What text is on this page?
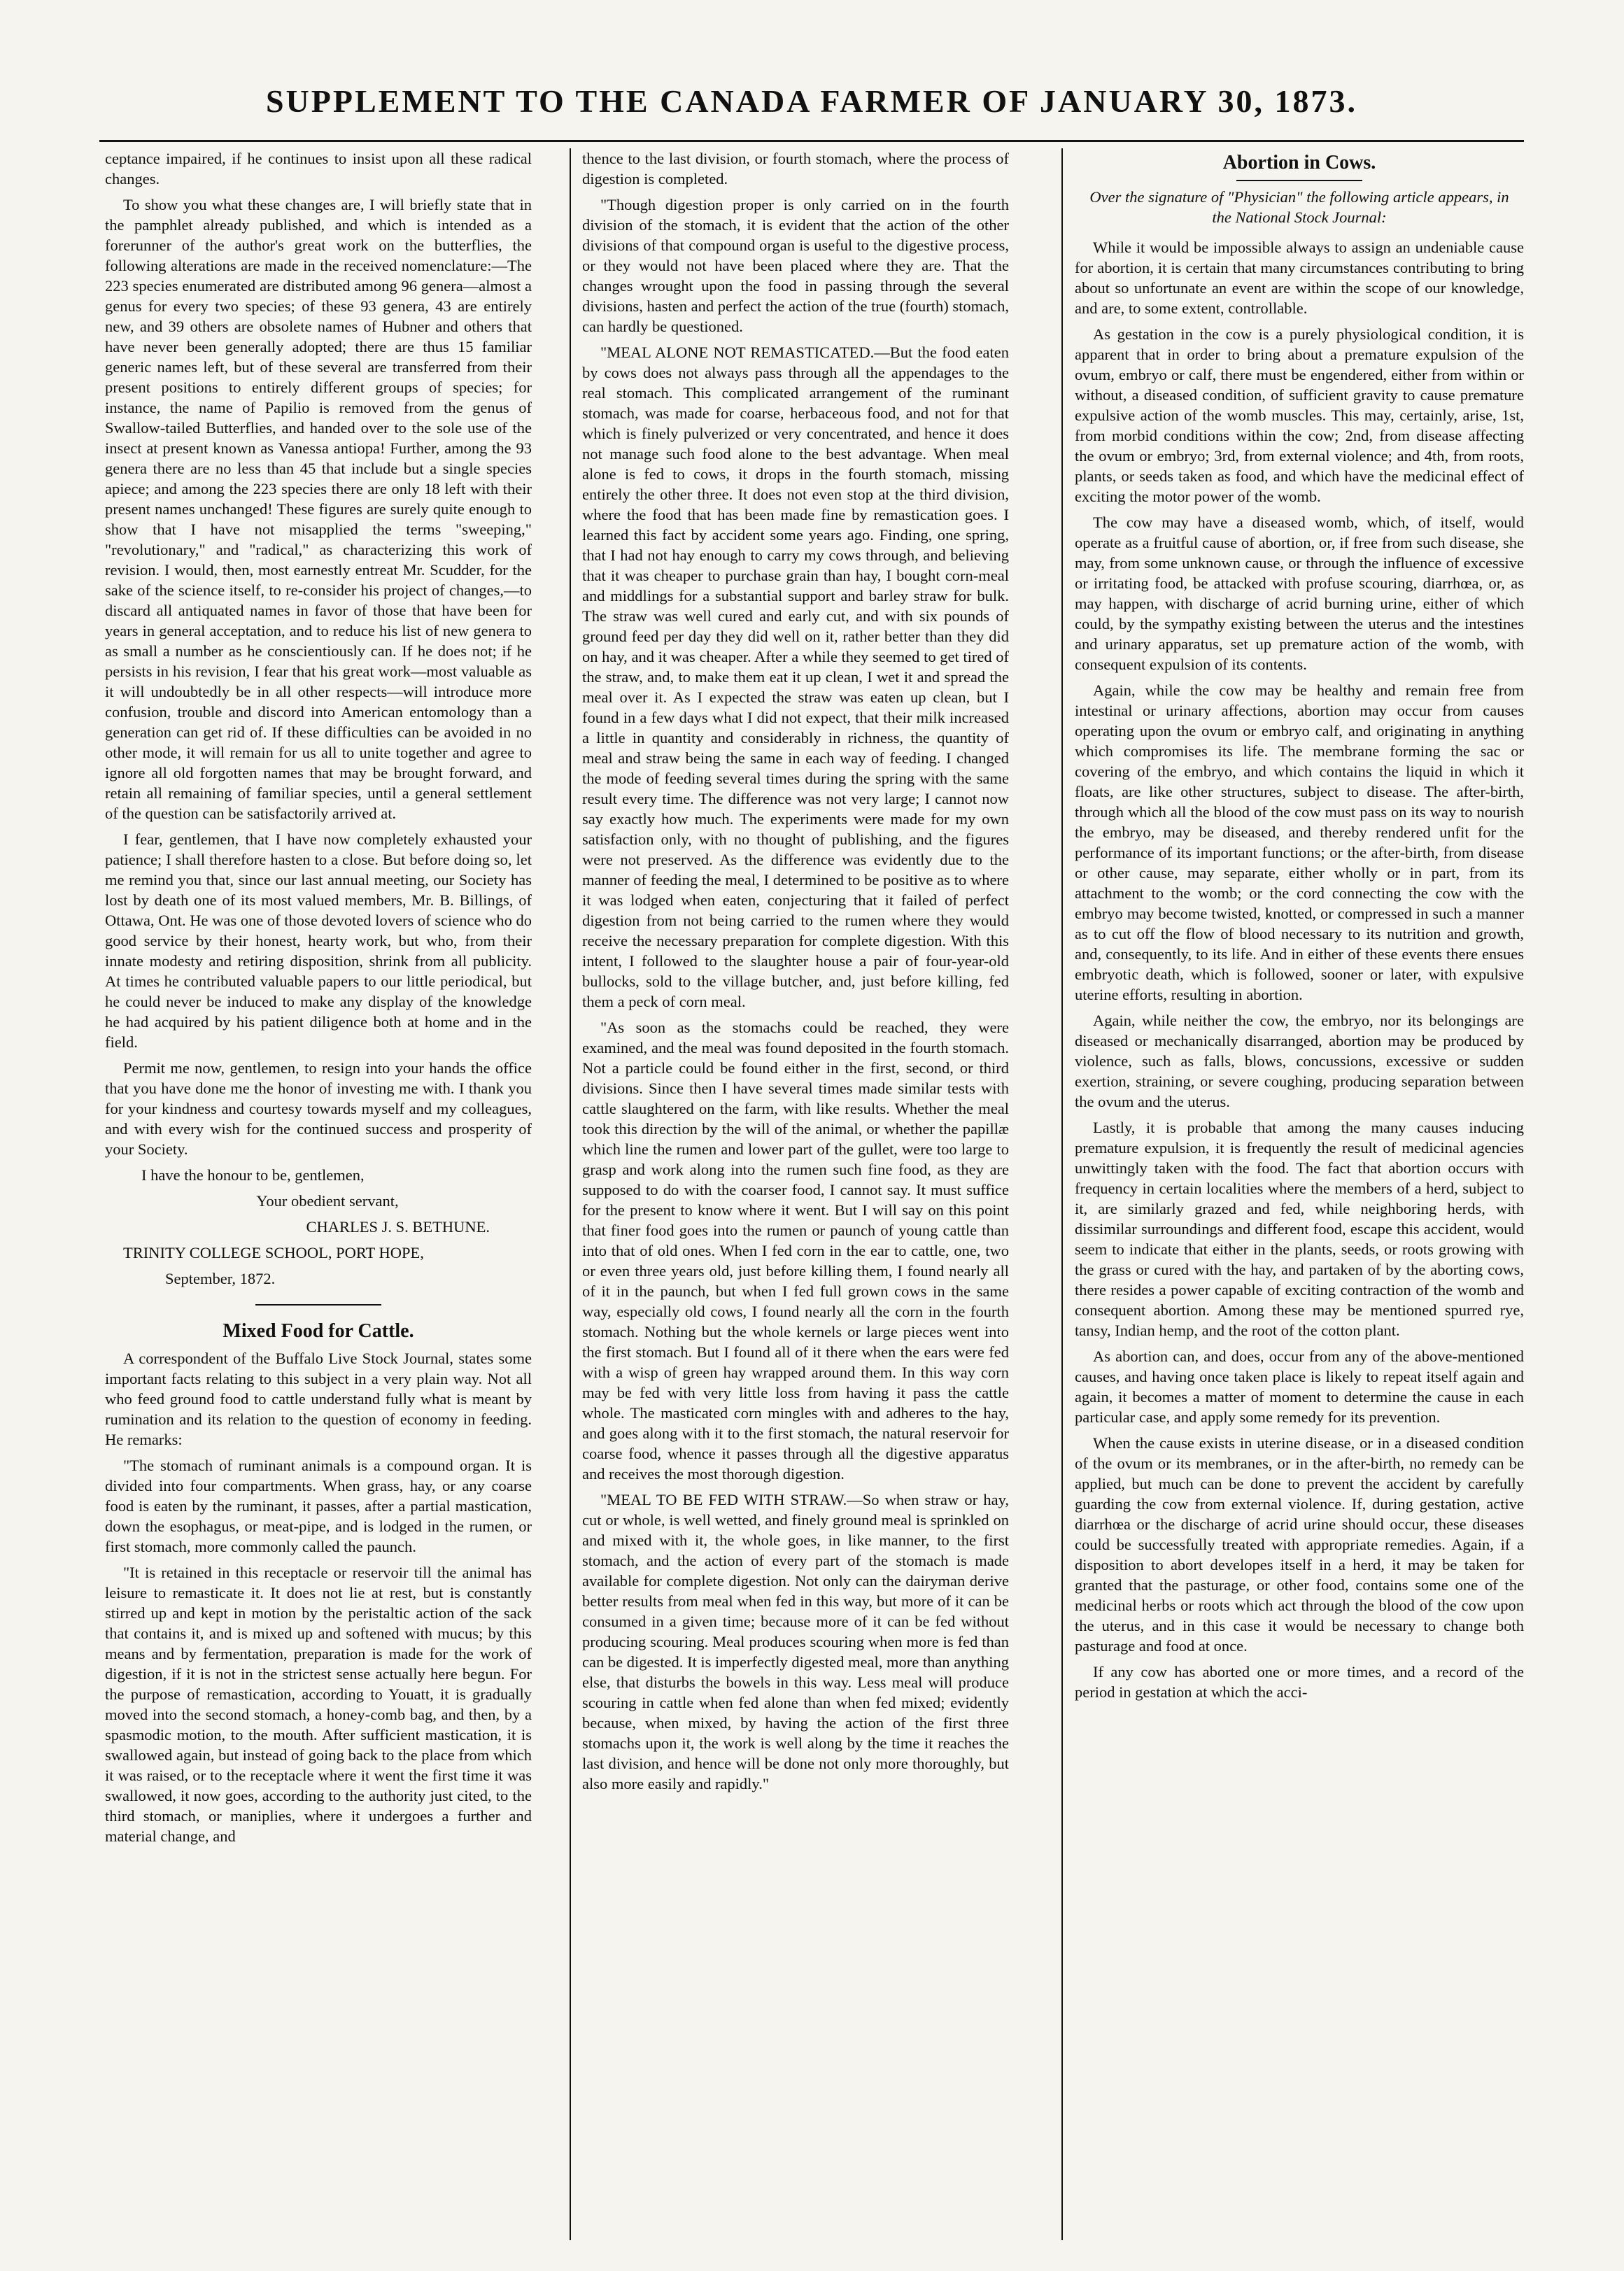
SUPPLEMENT TO THE CANADA FARMER OF JANUARY 30, 1873.

ceptance impaired, if he continues to insist upon all these radical changes.

To show you what these changes are, I will briefly state that in the pamphlet already published, and which is intended as a forerunner of the author's great work on the butterflies, the following alterations are made in the received nomenclature:—The 223 species enumerated are distributed among 96 genera—almost a genus for every two species; of these 93 genera, 43 are entirely new, and 39 others are obsolete names of Hubner and others that have never been generally adopted; there are thus 15 familiar generic names left, but of these several are transferred from their present positions to entirely different groups of species; for instance, the name of Papilio is removed from the genus of Swallow-tailed Butterflies, and handed over to the sole use of the insect at present known as Vanessa antiopa! Further, among the 93 genera there are no less than 45 that include but a single species apiece; and among the 223 species there are only 18 left with their present names unchanged! These figures are surely quite enough to show that I have not misapplied the terms "sweeping," "revolutionary," and "radical," as characterizing this work of revision. I would, then, most earnestly entreat Mr. Scudder, for the sake of the science itself, to re-consider his project of changes,—to discard all antiquated names in favor of those that have been for years in general acceptation, and to reduce his list of new genera to as small a number as he conscientiously can. If he does not; if he persists in his revision, I fear that his great work—most valuable as it will undoubtedly be in all other respects—will introduce more confusion, trouble and discord into American entomology than a generation can get rid of. If these difficulties can be avoided in no other mode, it will remain for us all to unite together and agree to ignore all old forgotten names that may be brought forward, and retain all remaining of familiar species, until a general settlement of the question can be satisfactorily arrived at.

I fear, gentlemen, that I have now completely exhausted your patience; I shall therefore hasten to a close. But before doing so, let me remind you that, since our last annual meeting, our Society has lost by death one of its most valued members, Mr. B. Billings, of Ottawa, Ont. He was one of those devoted lovers of science who do good service by their honest, hearty work, but who, from their innate modesty and retiring disposition, shrink from all publicity. At times he contributed valuable papers to our little periodical, but he could never be induced to make any display of the knowledge he had acquired by his patient diligence both at home and in the field.

Permit me now, gentlemen, to resign into your hands the office that you have done me the honor of investing me with. I thank you for your kindness and courtesy towards myself and my colleagues, and with every wish for the continued success and prosperity of your Society.

I have the honour to be, gentlemen,

Your obedient servant,

CHARLES J. S. BETHUNE.

TRINITY COLLEGE SCHOOL, PORT HOPE,

September, 1872.

Mixed Food for Cattle.

A correspondent of the Buffalo Live Stock Journal, states some important facts relating to this subject in a very plain way. Not all who feed ground food to cattle understand fully what is meant by rumination and its relation to the question of economy in feeding. He remarks:

"The stomach of ruminant animals is a compound organ. It is divided into four compartments. When grass, hay, or any coarse food is eaten by the ruminant, it passes, after a partial mastication, down the esophagus, or meat-pipe, and is lodged in the rumen, or first stomach, more commonly called the paunch.

"It is retained in this receptacle or reservoir till the animal has leisure to remasticate it. It does not lie at rest, but is constantly stirred up and kept in motion by the peristaltic action of the sack that contains it, and is mixed up and softened with mucus; by this means and by fermentation, preparation is made for the work of digestion, if it is not in the strictest sense actually here begun. For the purpose of remastication, according to Youatt, it is gradually moved into the second stomach, a honey-comb bag, and then, by a spasmodic motion, to the mouth. After sufficient mastication, it is swallowed again, but instead of going back to the place from which it was raised, or to the receptacle where it went the first time it was swallowed, it now goes, according to the authority just cited, to the third stomach, or maniplies, where it undergoes a further and material change, and

thence to the last division, or fourth stomach, where the process of digestion is completed.

"Though digestion proper is only carried on in the fourth division of the stomach, it is evident that the action of the other divisions of that compound organ is useful to the digestive process, or they would not have been placed where they are. That the changes wrought upon the food in passing through the several divisions, hasten and perfect the action of the true (fourth) stomach, can hardly be questioned.

"MEAL ALONE NOT REMASTICATED.—But the food eaten by cows does not always pass through all the appendages to the real stomach. This complicated arrangement of the ruminant stomach, was made for coarse, herbaceous food, and not for that which is finely pulverized or very concentrated, and hence it does not manage such food alone to the best advantage. When meal alone is fed to cows, it drops in the fourth stomach, missing entirely the other three. It does not even stop at the third division, where the food that has been made fine by remastication goes. I learned this fact by accident some years ago. Finding, one spring, that I had not hay enough to carry my cows through, and believing that it was cheaper to purchase grain than hay, I bought corn-meal and middlings for a substantial support and barley straw for bulk. The straw was well cured and early cut, and with six pounds of ground feed per day they did well on it, rather better than they did on hay, and it was cheaper. After a while they seemed to get tired of the straw, and, to make them eat it up clean, I wet it and spread the meal over it. As I expected the straw was eaten up clean, but I found in a few days what I did not expect, that their milk increased a little in quantity and considerably in richness, the quantity of meal and straw being the same in each way of feeding. I changed the mode of feeding several times during the spring with the same result every time. The difference was not very large; I cannot now say exactly how much. The experiments were made for my own satisfaction only, with no thought of publishing, and the figures were not preserved. As the difference was evidently due to the manner of feeding the meal, I determined to be positive as to where it was lodged when eaten, conjecturing that it failed of perfect digestion from not being carried to the rumen where they would receive the necessary preparation for complete digestion. With this intent, I followed to the slaughter house a pair of four-year-old bullocks, sold to the village butcher, and, just before killing, fed them a peck of corn meal.

"As soon as the stomachs could be reached, they were examined, and the meal was found deposited in the fourth stomach. Not a particle could be found either in the first, second, or third divisions. Since then I have several times made similar tests with cattle slaughtered on the farm, with like results. Whether the meal took this direction by the will of the animal, or whether the papillæ which line the rumen and lower part of the gullet, were too large to grasp and work along into the rumen such fine food, as they are supposed to do with the coarser food, I cannot say. It must suffice for the present to know where it went. But I will say on this point that finer food goes into the rumen or paunch of young cattle than into that of old ones. When I fed corn in the ear to cattle, one, two or even three years old, just before killing them, I found nearly all of it in the paunch, but when I fed full grown cows in the same way, especially old cows, I found nearly all the corn in the fourth stomach. Nothing but the whole kernels or large pieces went into the first stomach. But I found all of it there when the ears were fed with a wisp of green hay wrapped around them. In this way corn may be fed with very little loss from having it pass the cattle whole. The masticated corn mingles with and adheres to the hay, and goes along with it to the first stomach, the natural reservoir for coarse food, whence it passes through all the digestive apparatus and receives the most thorough digestion.

"MEAL TO BE FED WITH STRAW.—So when straw or hay, cut or whole, is well wetted, and finely ground meal is sprinkled on and mixed with it, the whole goes, in like manner, to the first stomach, and the action of every part of the stomach is made available for complete digestion. Not only can the dairyman derive better results from meal when fed in this way, but more of it can be consumed in a given time; because more of it can be fed without producing scouring. Meal produces scouring when more is fed than can be digested. It is imperfectly digested meal, more than anything else, that disturbs the bowels in this way. Less meal will produce scouring in cattle when fed alone than when fed mixed; evidently because, when mixed, by having the action of the first three stomachs upon it, the work is well along by the time it reaches the last division, and hence will be done not only more thoroughly, but also more easily and rapidly."

Abortion in Cows.

Over the signature of "Physician" the following article appears, in the National Stock Journal:

While it would be impossible always to assign an undeniable cause for abortion, it is certain that many circumstances contributing to bring about so unfortunate an event are within the scope of our knowledge, and are, to some extent, controllable.

As gestation in the cow is a purely physiological condition, it is apparent that in order to bring about a premature expulsion of the ovum, embryo or calf, there must be engendered, either from within or without, a diseased condition, of sufficient gravity to cause premature expulsive action of the womb muscles. This may, certainly, arise, 1st, from morbid conditions within the cow; 2nd, from disease affecting the ovum or embryo; 3rd, from external violence; and 4th, from roots, plants, or seeds taken as food, and which have the medicinal effect of exciting the motor power of the womb.

The cow may have a diseased womb, which, of itself, would operate as a fruitful cause of abortion, or, if free from such disease, she may, from some unknown cause, or through the influence of excessive or irritating food, be attacked with profuse scouring, diarrhœa, or, as may happen, with discharge of acrid burning urine, either of which could, by the sympathy existing between the uterus and the intestines and urinary apparatus, set up premature action of the womb, with consequent expulsion of its contents.

Again, while the cow may be healthy and remain free from intestinal or urinary affections, abortion may occur from causes operating upon the ovum or embryo calf, and originating in anything which compromises its life. The membrane forming the sac or covering of the embryo, and which contains the liquid in which it floats, are like other structures, subject to disease. The after-birth, through which all the blood of the cow must pass on its way to nourish the embryo, may be diseased, and thereby rendered unfit for the performance of its important functions; or the after-birth, from disease or other cause, may separate, either wholly or in part, from its attachment to the womb; or the cord connecting the cow with the embryo may become twisted, knotted, or compressed in such a manner as to cut off the flow of blood necessary to its nutrition and growth, and, consequently, to its life. And in either of these events there ensues embryotic death, which is followed, sooner or later, with expulsive uterine efforts, resulting in abortion.

Again, while neither the cow, the embryo, nor its belongings are diseased or mechanically disarranged, abortion may be produced by violence, such as falls, blows, concussions, excessive or sudden exertion, straining, or severe coughing, producing separation between the ovum and the uterus.

Lastly, it is probable that among the many causes inducing premature expulsion, it is frequently the result of medicinal agencies unwittingly taken with the food. The fact that abortion occurs with frequency in certain localities where the members of a herd, subject to it, are similarly grazed and fed, while neighboring herds, with dissimilar surroundings and different food, escape this accident, would seem to indicate that either in the plants, seeds, or roots growing with the grass or cured with the hay, and partaken of by the aborting cows, there resides a power capable of exciting contraction of the womb and consequent abortion. Among these may be mentioned spurred rye, tansy, Indian hemp, and the root of the cotton plant.

As abortion can, and does, occur from any of the above-mentioned causes, and having once taken place is likely to repeat itself again and again, it becomes a matter of moment to determine the cause in each particular case, and apply some remedy for its prevention.

When the cause exists in uterine disease, or in a diseased condition of the ovum or its membranes, or in the after-birth, no remedy can be applied, but much can be done to prevent the accident by carefully guarding the cow from external violence. If, during gestation, active diarrhœa or the discharge of acrid urine should occur, these diseases could be successfully treated with appropriate remedies. Again, if a disposition to abort developes itself in a herd, it may be taken for granted that the pasturage, or other food, contains some one of the medicinal herbs or roots which act through the blood of the cow upon the uterus, and in this case it would be necessary to change both pasturage and food at once.

If any cow has aborted one or more times, and a record of the period in gestation at which the acci-
